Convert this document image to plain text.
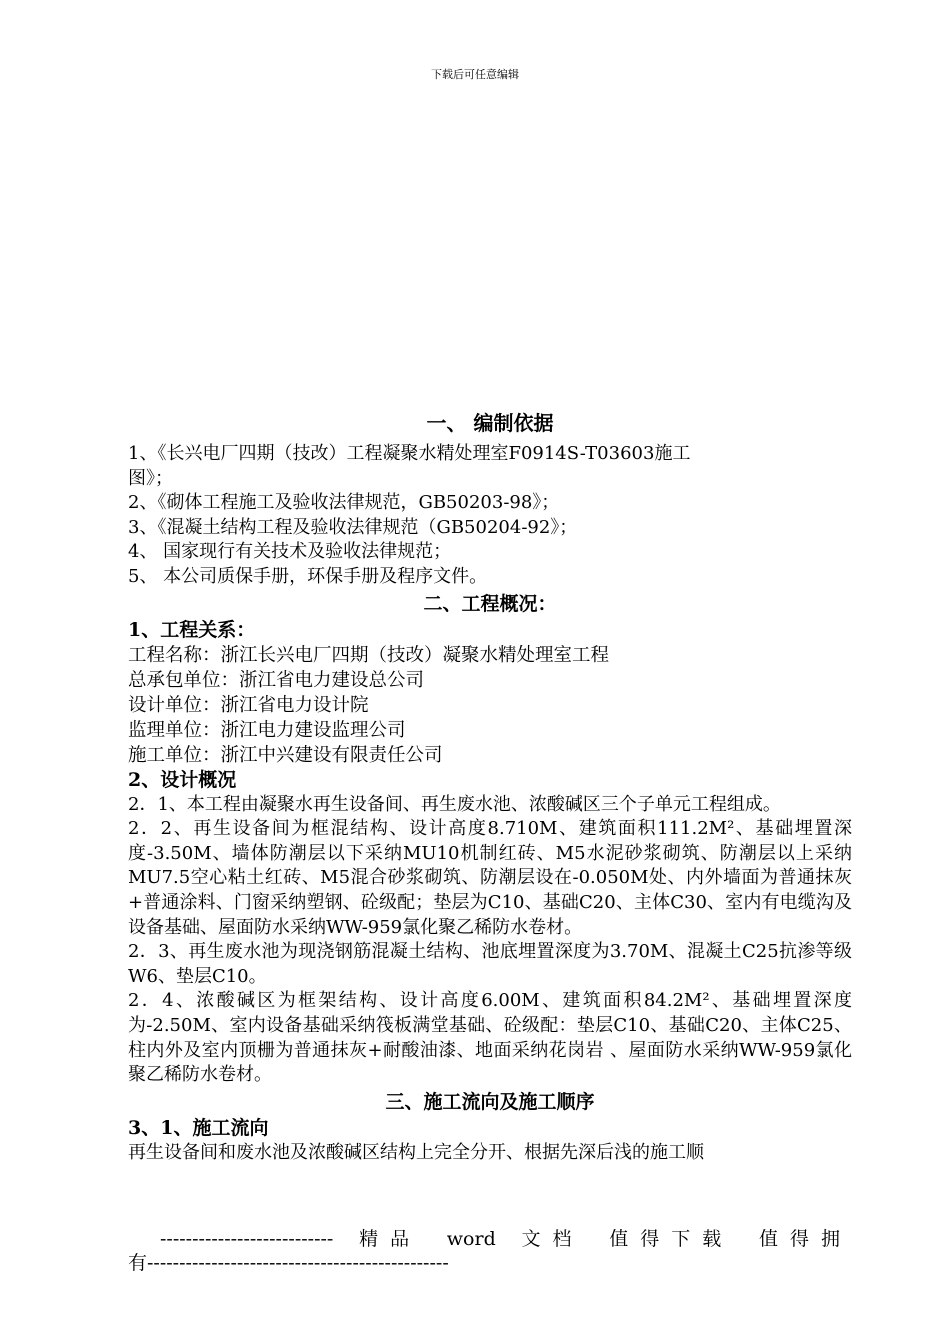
下载后可任意编辑
一、 编制依据
1、《长兴电厂四期（技改）工程凝聚水精处理室F0914S-T03603施工
图》；
2、《砌体工程施工及验收法律规范，GB50203-98》；
3、《混凝土结构工程及验收法律规范（GB50204-92》；
4、 国家现行有关技术及验收法律规范；
5、 本公司质保手册，环保手册及程序文件。
二、工程概况：
1、工程关系：
工程名称：浙江长兴电厂四期（技改）凝聚水精处理室工程
总承包单位：浙江省电力建设总公司
设计单位：浙江省电力设计院
监理单位：浙江电力建设监理公司
施工单位：浙江中兴建设有限责任公司
2、设计概况
2．1、本工程由凝聚水再生设备间、再生废水池、浓酸碱区三个子单元工程组成。
2．2、再生设备间为框混结构、设计高度8.710M、建筑面积111.2M²、基础埋置深度-3.50M、墙体防潮层以下采纳MU10机制红砖、M5水泥砂浆砌筑、防潮层以上采纳MU7.5空心粘土红砖、M5混合砂浆砌筑、防潮层设在-0.050M处、内外墙面为普通抹灰+普通涂料、门窗采纳塑钢、砼级配；垫层为C10、基础C20、主体C30、室内有电缆沟及设备基础、屋面防水采纳WW-959氯化聚乙稀防水卷材。
2．3、再生废水池为现浇钢筋混凝土结构、池底埋置深度为3.70M、混凝土C25抗渗等级W6、垫层C10。
2．4、浓酸碱区为框架结构、设计高度6.00M、建筑面积84.2M²、基础埋置深度为-2.50M、室内设备基础采纳筏板满堂基础、砼级配：垫层C10、基础C20、主体C25、柱内外及室内顶栅为普通抹灰+耐酸油漆、地面采纳花岗岩 、屋面防水采纳WW-959氯化聚乙稀防水卷材。
三、施工流向及施工顺序
3、1、施工流向
再生设备间和废水池及浓酸碱区结构上完全分开、根据先深后浅的施工顺
--------------------------- 精品 word 文档 值得下载 值得拥
有-----------------------------------------------
